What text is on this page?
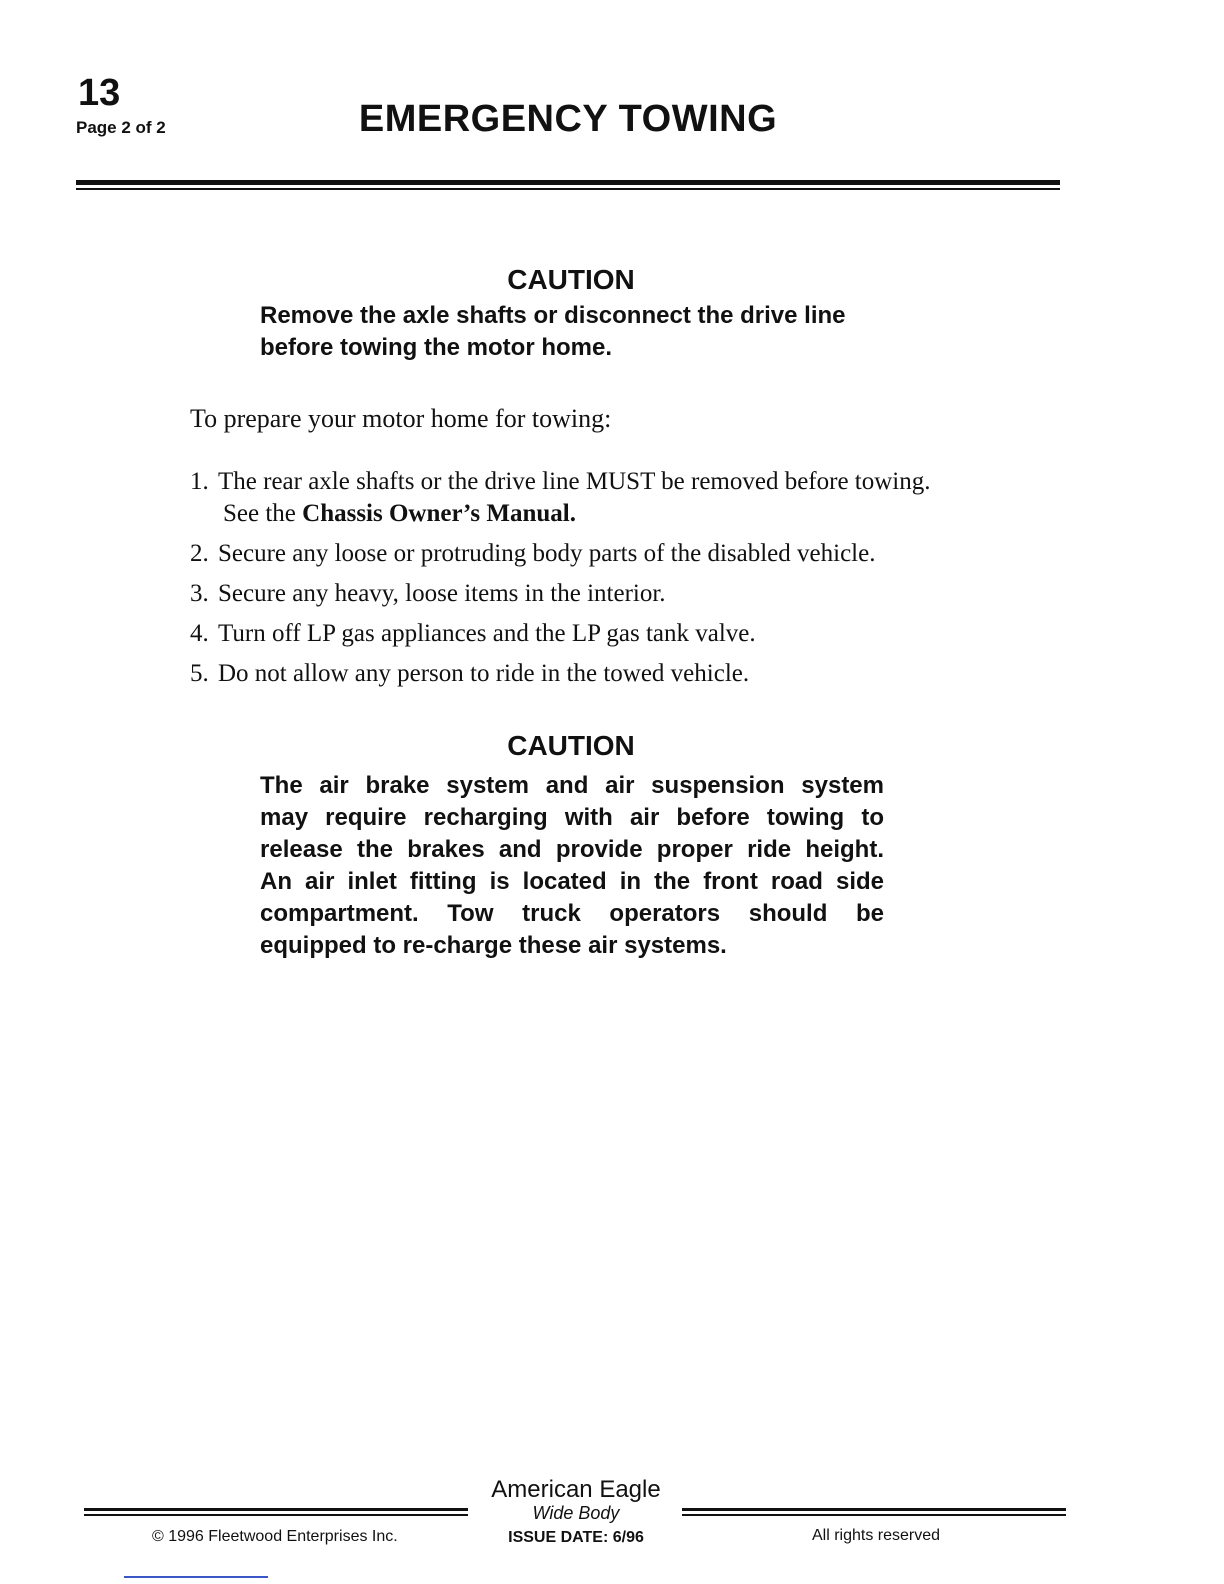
13
Page 2 of 2	EMERGENCY TOWING
CAUTION
Remove the axle shafts or disconnect the drive line
before towing the motor home.
To prepare your motor home for towing:
1. The rear axle shafts or the drive line MUST be removed before towing.
See the Chassis Owner’s Manual.
2. Secure any loose or protruding body parts of the disabled vehicle.
3. Secure any heavy, loose items in the interior.
4. Turn off LP gas appliances and the LP gas tank valve.
5. Do not allow any person to ride in the towed vehicle.
CAUTION
The air brake system and air suspension system
may require recharging with air before towing to
release the brakes and provide proper ride height.
An air inlet fitting is located in the front road side
compartment. Tow truck operators should be
equipped to re-charge these air systems.
American Eagle
Wide Body
© 1996 Fleetwood Enterprises Inc.	ISSUE DATE: 6/96	All rights reserved
